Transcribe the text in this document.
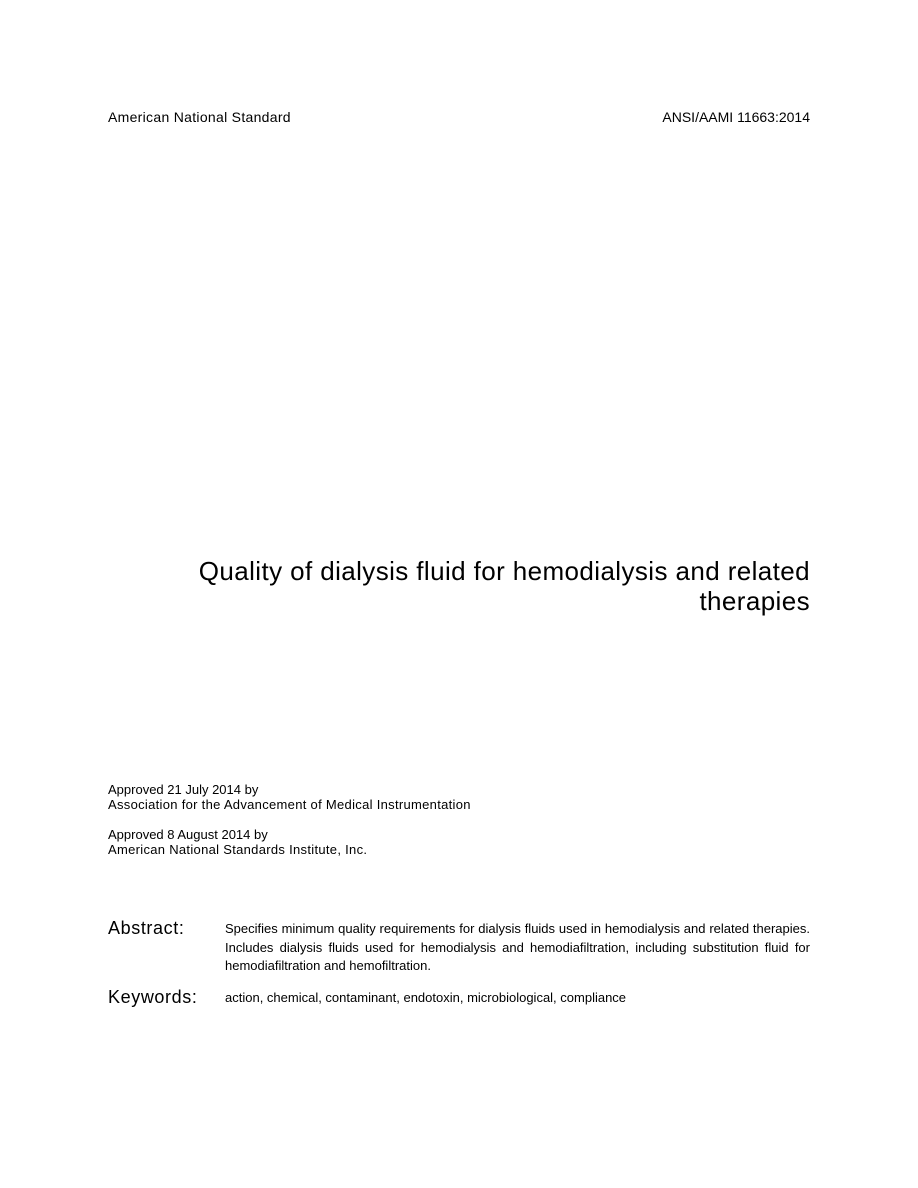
American National Standard	ANSI/AAMI 11663:2014
Quality of dialysis fluid for hemodialysis and related
therapies
Approved 21 July 2014 by
Association for the Advancement of Medical Instrumentation
Approved 8 August 2014 by
American National Standards Institute, Inc.
Abstract:	Specifies minimum quality requirements for dialysis fluids used in hemodialysis and related therapies. Includes dialysis fluids used for hemodialysis and hemodiafiltration, including substitution fluid for hemodiafiltration and hemofiltration.
Keywords:	action, chemical, contaminant, endotoxin, microbiological, compliance
